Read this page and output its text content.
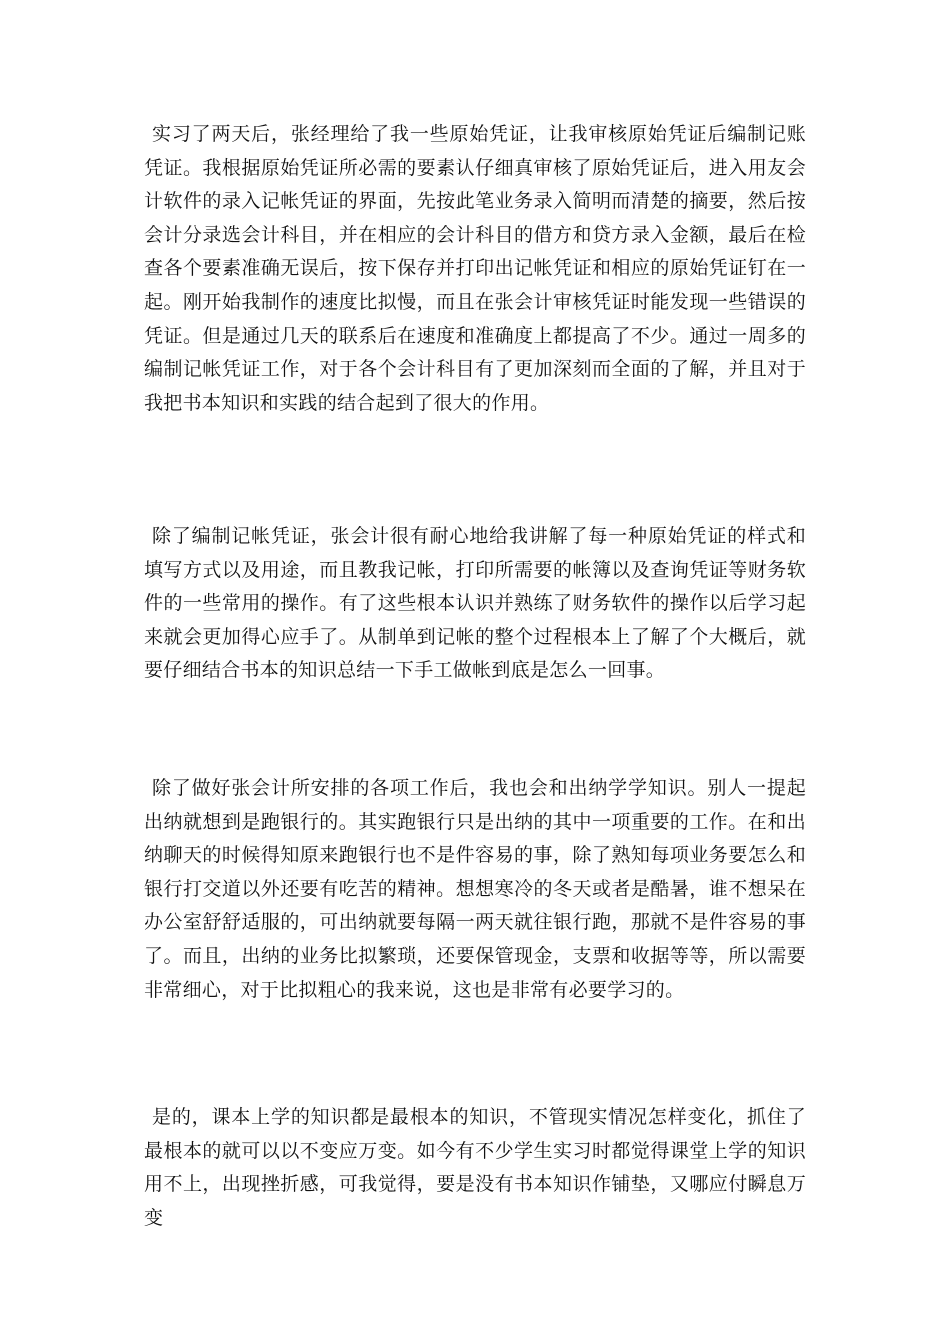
实习了两天后，张经理给了我一些原始凭证，让我审核原始凭证后编制记账凭证。我根据原始凭证所必需的要素认仔细真审核了原始凭证后，进入用友会计软件的录入记帐凭证的界面，先按此笔业务录入简明而清楚的摘要，然后按会计分录选会计科目，并在相应的会计科目的借方和贷方录入金额，最后在检查各个要素准确无误后，按下保存并打印出记帐凭证和相应的原始凭证钉在一起。刚开始我制作的速度比拟慢，而且在张会计审核凭证时能发现一些错误的凭证。但是通过几天的联系后在速度和准确度上都提高了不少。通过一周多的编制记帐凭证工作，对于各个会计科目有了更加深刻而全面的了解，并且对于我把书本知识和实践的结合起到了很大的作用。

除了编制记帐凭证，张会计很有耐心地给我讲解了每一种原始凭证的样式和填写方式以及用途，而且教我记帐，打印所需要的帐簿以及查询凭证等财务软件的一些常用的操作。有了这些根本认识并熟练了财务软件的操作以后学习起来就会更加得心应手了。从制单到记帐的整个过程根本上了解了个大概后，就要仔细结合书本的知识总结一下手工做帐到底是怎么一回事。

除了做好张会计所安排的各项工作后，我也会和出纳学学知识。别人一提起出纳就想到是跑银行的。其实跑银行只是出纳的其中一项重要的工作。在和出纳聊天的时候得知原来跑银行也不是件容易的事，除了熟知每项业务要怎么和银行打交道以外还要有吃苦的精神。想想寒冷的冬天或者是酷暑，谁不想呆在办公室舒舒适服的，可出纳就要每隔一两天就往银行跑，那就不是件容易的事了。而且，出纳的业务比拟繁琐，还要保管现金，支票和收据等等，所以需要非常细心，对于比拟粗心的我来说，这也是非常有必要学习的。

是的，课本上学的知识都是最根本的知识，不管现实情况怎样变化，抓住了最根本的就可以以不变应万变。如今有不少学生实习时都觉得课堂上学的知识用不上，出现挫折感，可我觉得，要是没有书本知识作铺垫，又哪应付瞬息万变
